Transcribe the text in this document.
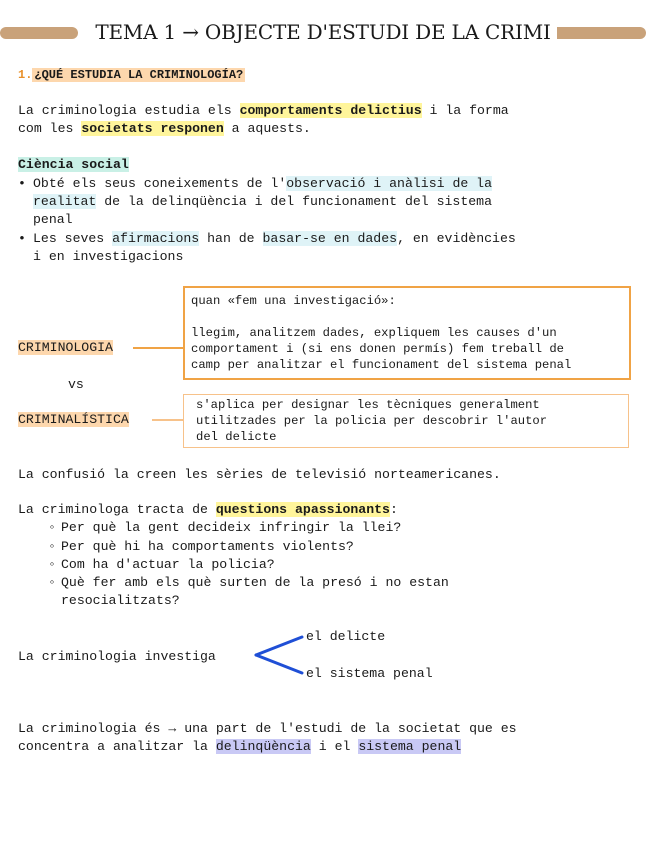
TEMA 1 → OBJECTE D'ESTUDI DE LA CRIMI
1. ¿QUÉ ESTUDIA LA CRIMINOLOGÍA?
La criminologia estudia els comportaments delictius i la forma
com les societats responen a aquests.
Ciència social
• Obté els seus coneixements de l'observació i anàlisi de la
realitat de la delinqüència i del funcionament del sistema
penal
• Les seves afirmacions han de basar-se en dades, en evidències
i en investigacions
quan «fem una investigació»:
llegim, analitzem dades, expliquem les causes d'un
comportament i (si ens donen permís) fem treball de
camp per analitzar el funcionament del sistema penal
CRIMINOLOGIA
vs
s'aplica per designar les tècniques generalment
utilitzades per la policia per descobrir l'autor
del delicte
CRIMINALÍSTICA
La confusió la creen les sèries de televisió norteamericanes.
La criminologa tracta de questions apassionants:
◦ Per què la gent decideix infringir la llei?
◦ Per què hi ha comportaments violents?
◦ Com ha d'actuar la policia?
◦ Què fer amb els què surten de la presó i no estan
resocialitzats?
La criminologia investiga
el delicte
el sistema penal
La criminologia és → una part de l'estudi de la societat que es
concentra a analitzar la delinqüència i el sistema penal
